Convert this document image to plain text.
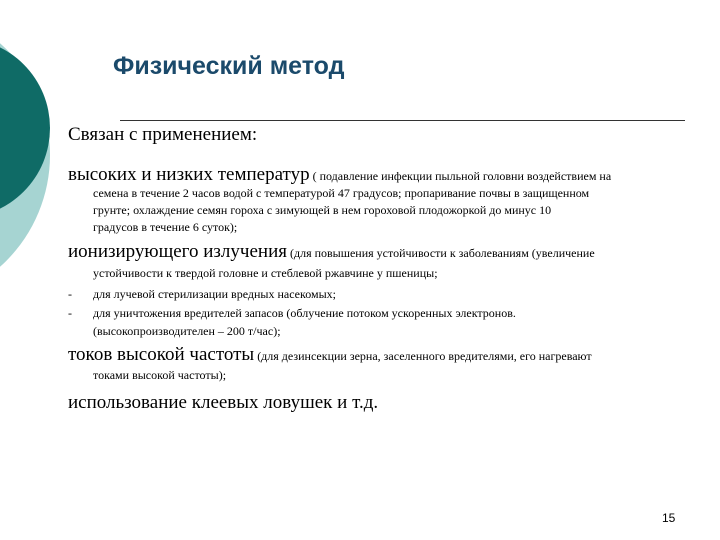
Физический метод
Связан с применением:
высоких и низких температур ( подавление инфекции пыльной головни воздействием на
семена в течение 2 часов водой с температурой 47 градусов; пропаривание почвы в защищенном
грунте; охлаждение семян гороха с зимующей в нем гороховой плодожоркой до минус 10
градусов в течение 6 суток);
ионизирующего излучения (для повышения устойчивости к заболеваниям (увеличение
устойчивости к твердой головне и стеблевой ржавчине у пшеницы;
- для лучевой стерилизации вредных насекомых;
- для уничтожения вредителей запасов (облучение потоком ускоренных электронов.
(высокопроизводителен – 200 т/час);
токов высокой частоты (для дезинсекции зерна, заселенного вредителями, его нагревают
токами высокой частоты);
использование клеевых ловушек и т.д.
15
